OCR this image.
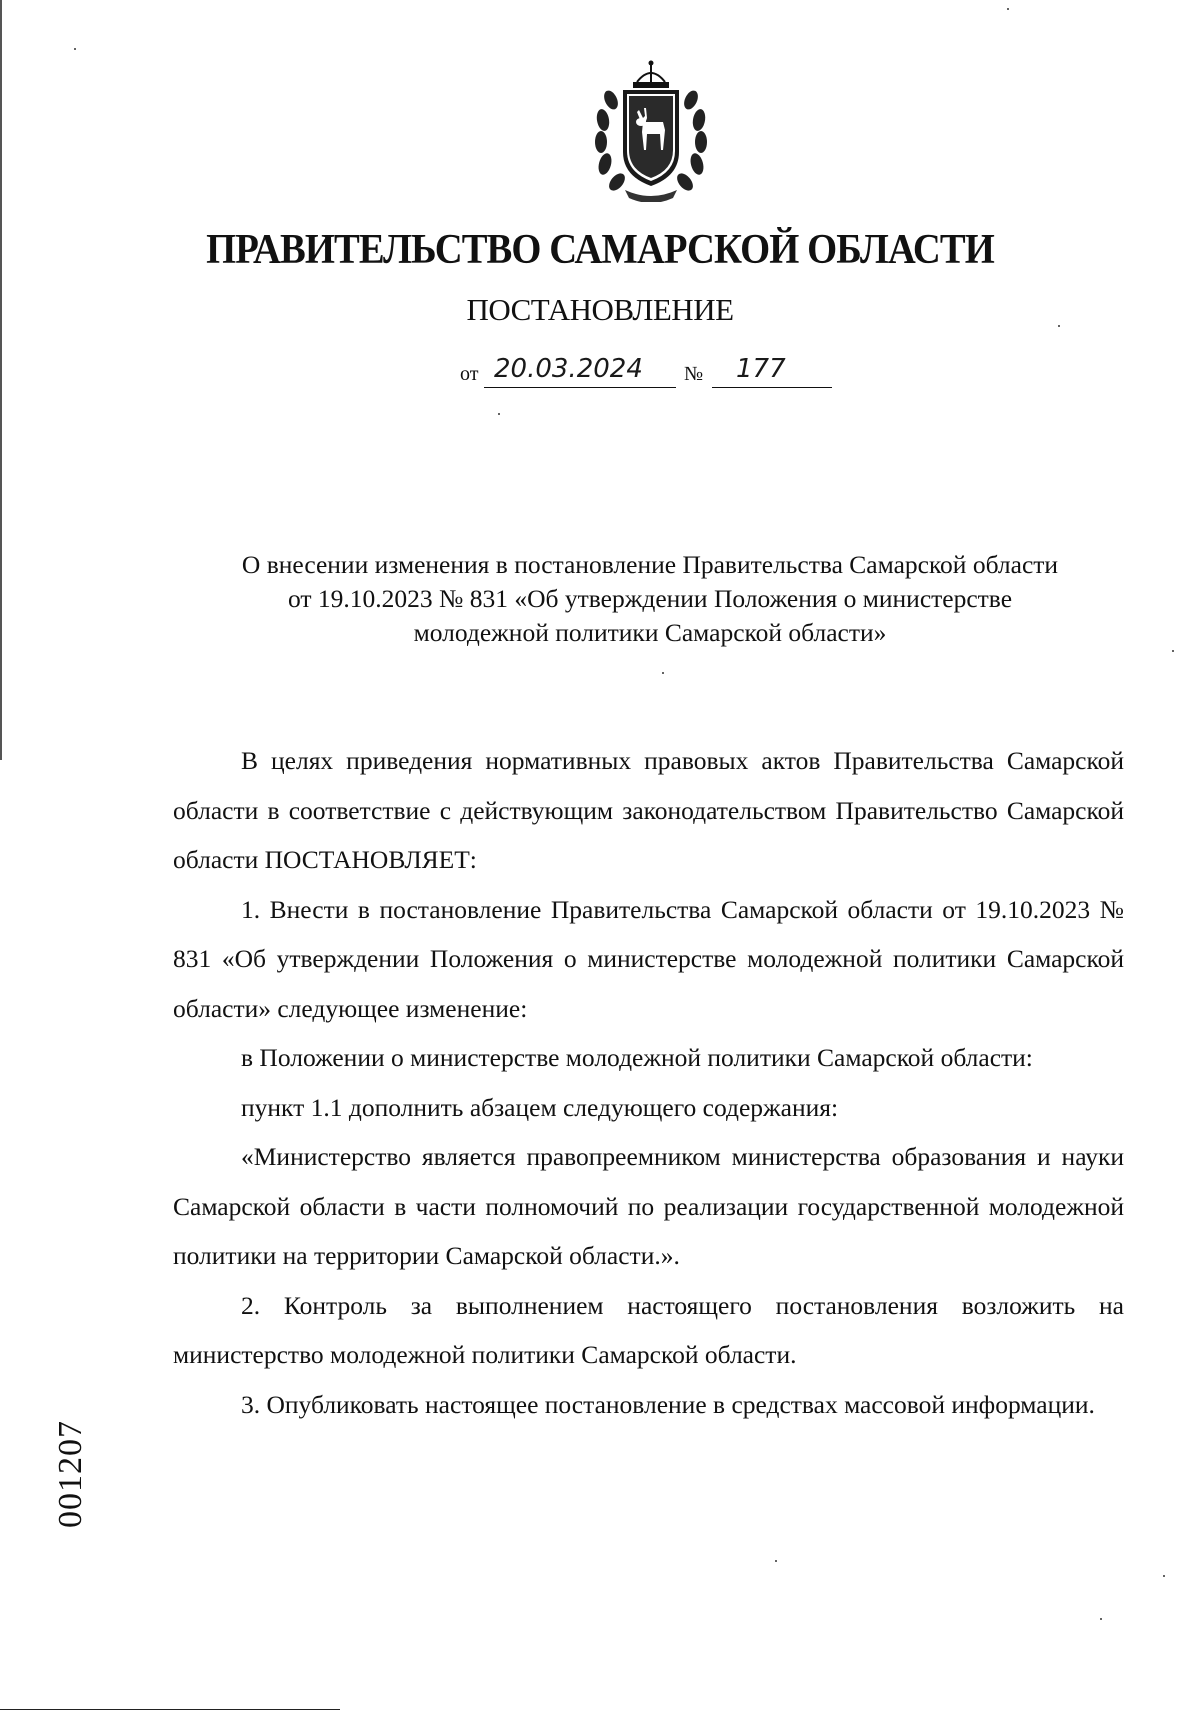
ПРАВИТЕЛЬСТВО САМАРСКОЙ ОБЛАСТИ
ПОСТАНОВЛЕНИЕ
от 20.03.2024 № 177
О внесении изменения в постановление Правительства Самарской области
от 19.10.2023 № 831 «Об утверждении Положения о министерстве
молодежной политики Самарской области»

В целях приведения нормативных правовых актов Правительства Самарской области в соответствие с действующим законодательством Правительство Самарской области ПОСТАНОВЛЯЕТ:

1. Внести в постановление Правительства Самарской области от 19.10.2023 № 831 «Об утверждении Положения о министерстве молодежной политики Самарской области» следующее изменение:

в Положении о министерстве молодежной политики Самарской области:

пункт 1.1 дополнить абзацем следующего содержания:

«Министерство является правопреемником министерства образования и науки Самарской области в части полномочий по реализации государственной молодежной политики на территории Самарской области.».

2. Контроль за выполнением настоящего постановления возложить на министерство молодежной политики Самарской области.

3. Опубликовать настоящее постановление в средствах массовой информации.

001207
